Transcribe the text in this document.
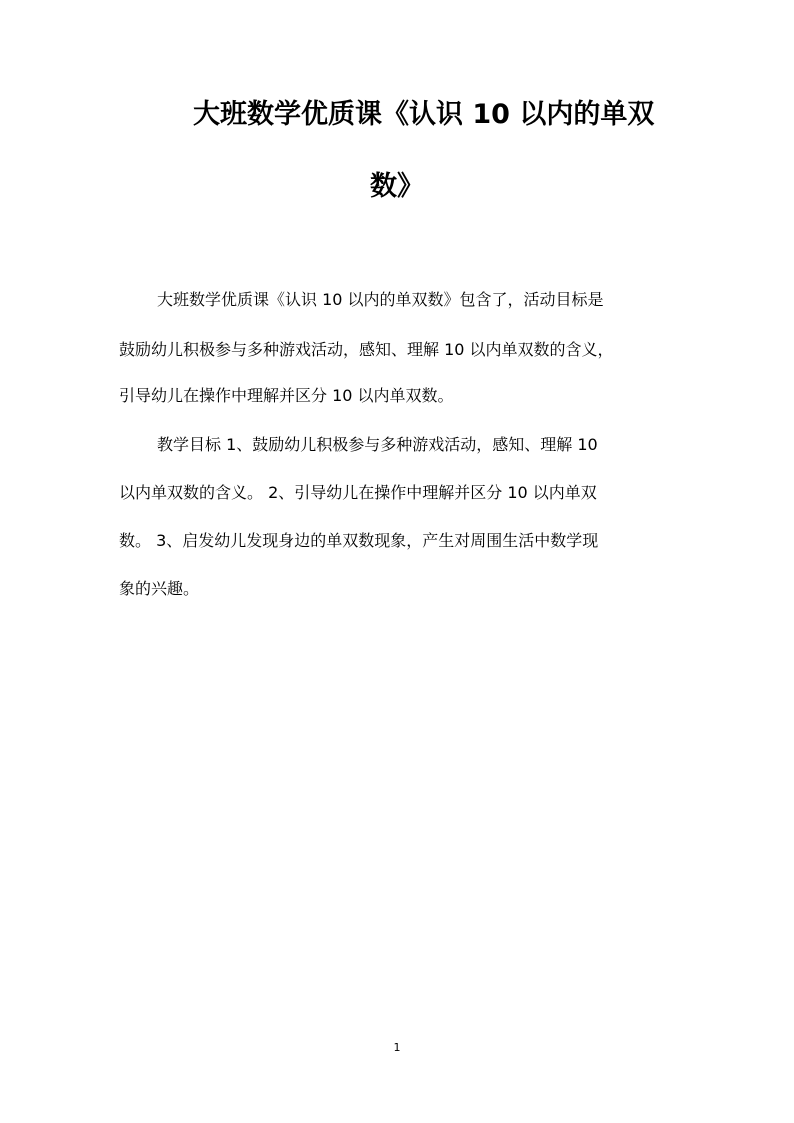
大班数学优质课《认识 10 以内的单双
数》
大班数学优质课《认识 10 以内的单双数》包含了，活动目标是
鼓励幼儿积极参与多种游戏活动，感知、理解 10 以内单双数的含义，
引导幼儿在操作中理解并区分 10 以内单双数。
教学目标 1、鼓励幼儿积极参与多种游戏活动，感知、理解 10
以内单双数的含义。 2、引导幼儿在操作中理解并区分 10 以内单双
数。 3、启发幼儿发现身边的单双数现象，产生对周围生活中数学现
象的兴趣。
1
